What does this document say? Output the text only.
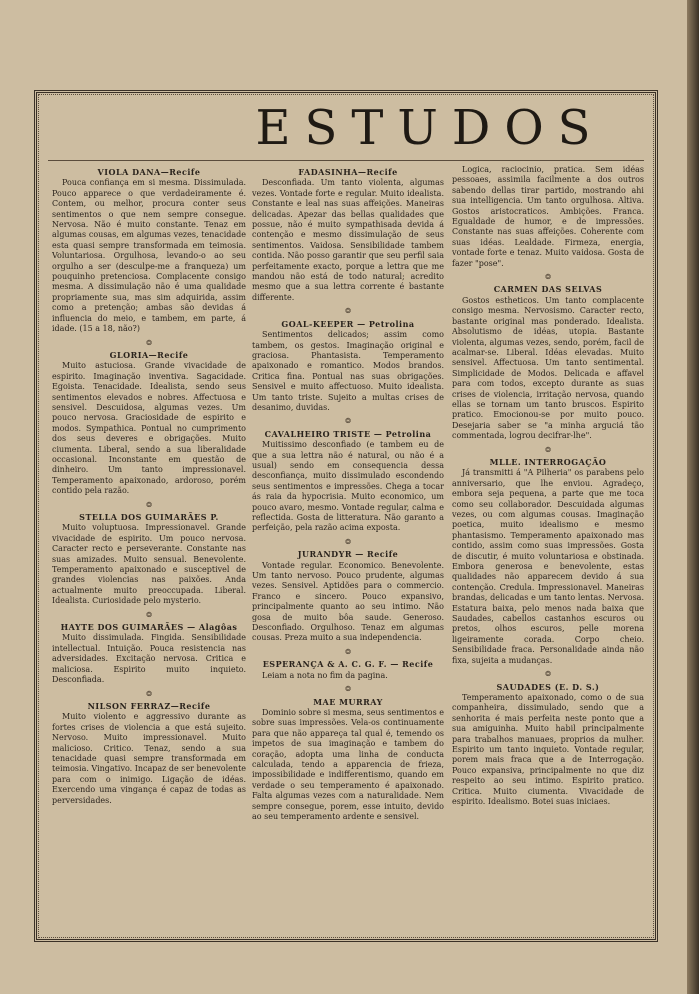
ESTUDOS
VIOLA DANA—Recife
Pouca confiança em si mesma. Dissimulada. Pouco apparece o que verdadeiramente é. Contem, ou melhor, procura conter seus sentimentos o que nem sempre consegue. Nervosa. Não é muito constante. Tenaz em algumas cousas, em algumas vezes, tenacidade esta quasi sempre transformada em teimosia. Voluntariosa. Orgulhosa, levando-o ao seu orgulho a ser (desculpe-me a franqueza) um pouquinho pretenciosa. Complacente consigo mesma. A dissimulação não é uma qualidade propriamente sua, mas sim adquirida, assim como a pretenção; ambas são devidas á influencia do meio, e tambem, em parte, á idade. (15 a 18, não?)
❂
GLORIA—Recife
Muito astuciosa. Grande vivacidade de espirito. Imaginação inventiva. Sagacidade. Egoista. Tenacidade. Idealista, sendo seus sentimentos elevados e nobres. Affectuosa e sensivel. Descuidosa, algumas vezes. Um pouco nervosa. Graciosidade de espirito e modos. Sympathica. Pontual no cumprimento dos seus deveres e obrigações. Muito ciumenta. Liberal, sendo a sua liberalidade occasional. Inconstante em questão de dinheiro. Um tanto impressionavel. Temperamento apaixonado, ardoroso, porém contido pela razão.
❂
STELLA DOS GUIMARÃES P.
Muito voluptuosa. Impressionavel. Grande vivacidade de espirito. Um pouco nervosa. Caracter recto e perseverante. Constante nas suas amizades. Muito sensual. Benevolente. Temperamento apaixonado e susceptivel de grandes violencias nas paixões. Anda actualmente muito preoccupada. Liberal. Idealista. Curiosidade pelo mysterio.
❂
HAYTE DOS GUIMARÃES — Alagôas
Muito dissimulada. Fingida. Sensibilidade intellectual. Intuição. Pouca resistencia nas adversidades. Excitação nervosa. Critica e maliciosa. Espirito muito inquieto. Desconfiada.
❂
NILSON FERRAZ—Recife
Muito violento e aggressivo durante as fortes crises de violencia a que está sujeito. Nervoso. Muito impressionavel. Muito malicioso. Critico. Tenaz, sendo a sua tenacidade quasi sempre transformada em teimosia. Vingativo. Incapaz de ser benevolente para com o inimigo. Ligação de idéas. Exercendo uma vingança é capaz de todas as perversidades.
FADASINHA—Recife
Desconfiada. Um tanto violenta, algumas vezes. Vontade forte e regular. Muito idealista. Constante e leal nas suas affeições. Maneiras delicadas. Apezar das bellas qualidades que possue, não é muito sympathisada devida á contenção e mesmo dissimulação de seus sentimentos. Vaidosa. Sensibilidade tambem contida. Não posso garantir que seu perfil saia perfeitamente exacto, porque a lettra que me mandou não está de todo natural; acredito mesmo que a sua lettra corrente é bastante differente.
❂
GOAL-KEEPER — Petrolina
Sentimentos delicados; assim como tambem, os gestos. Imaginação original e graciosa. Phantasista. Temperamento apaixonado e romantico. Modos brandos. Critica fina. Pontual nas suas obrigações. Sensivel e muito affectuoso. Muito idealista. Um tanto triste. Sujeito a multas crises de desanimo, duvidas.
❂
CAVALHEIRO TRISTE — Petrolina
Muitissimo desconfiado (e tambem eu de que a sua lettra não é natural, ou não é a usual) sendo em consequencia dessa desconfiança, muito dissimulado escondendo seus sentimentos e impressões. Chega a tocar ás raia da hypocrisia. Muito economico, um pouco avaro, mesmo. Vontade regular, calma e reflectida. Gosta de litteratura. Não garanto a perfeição, pela razão acima exposta.
❂
JURANDYR — Recife
Vontade regular. Economico. Benevolente. Um tanto nervoso. Pouco prudente, algumas vezes. Sensivel. Aptidões para o commercio. Franco e sincero. Pouco expansivo, principalmente quanto ao seu intimo. Não gosa de muito bôa saude. Generoso. Desconfiado. Orgulhoso. Tenaz em algumas cousas. Preza muito a sua independencia.
❂
ESPERANÇA & A. C. G. F. — Recife
Leiam a nota no fim da pagina.
❂
MAE MURRAY
Dominio sobre si mesma, seus sentimentos e sobre suas impressões. Vela-os continuamente para que não appareça tal qual é, temendo os impetos de sua imaginação e tambem do coração, adopta uma linha de conducta calculada, tendo a apparencia de frieza, impossibilidade e indifferentismo, quando em verdade o seu temperamento é apaixonado. Falta algumas vezes com a naturalidade. Nem sempre consegue, porem, esse intuito, devido ao seu temperamento ardente e sensivel.
Logica, raciocinio, pratica. Sem idéas pessoaes, assimila facilmente a dos outros sabendo dellas tirar partido, mostrando ahi sua intelligencia. Um tanto orgulhosa. Altiva. Gostos aristocraticos. Ambições. Franca. Egualdade de humor, e de impressões. Constante nas suas affeições. Coherente com suas idéas. Lealdade. Firmeza, energia, vontade forte e tenaz. Muito vaidosa. Gosta de fazer "pose".
❂
CARMEN DAS SELVAS
Gostos estheticos. Um tanto complacente consigo mesma. Nervosismo. Caracter recto, bastante original mas ponderado. Idealista. Absolutismo de idéas, utopia. Bastante violenta, algumas vezes, sendo, porém, facil de acalmar-se. Liberal. Idéas elevadas. Muito sensivel. Affectuosa. Um tanto sentimental. Simplicidade de Modos. Delicada e affavel para com todos, excepto durante as suas crises de violencia, irritação nervosa, quando ellas se tornam um tanto bruscos. Espirito pratico. Emocionou-se por muito pouco. Desejaria saber se "a minha arguciá tão commentada, logrou decifrar-lhe".
❂
MLLE. INTERROGAÇÃO
Já transmitti á "A Pilheria" os parabens pelo anniversario, que lhe enviou. Agradeço, embora seja pequena, a parte que me toca como seu collaborador. Descuidada algumas vezes, ou com algumas cousas. Imaginação poetica, muito idealismo e mesmo phantasismo. Temperamento apaixonado mas contido, assim como suas impressões. Gosta de discutir, é muito voluntariosa e obstinada. Embora generosa e benevolente, estas qualidades não apparecem devido á sua contenção. Credula. Impressionavel. Maneiras brandas, delicadas e um tanto lentas. Nervosa. Estatura baixa, pelo menos nada baixa que Saudades, cabellos castanhos escuros ou pretos, olhos escuros, pelle morena ligeiramente corada. Corpo cheio. Sensibilidade fraca. Personalidade ainda não fixa, sujeita a mudanças.
❂
SAUDADES (E. D. S.)
Temperamento apaixonado, como o de sua companheira, dissimulado, sendo que a senhorita é mais perfeita neste ponto que a sua amiguinha. Muito habil principalmente para trabalhos manuaes, proprios da mulher. Espirito um tanto inquieto. Vontade regular, porem mais fraca que a de Interrogação. Pouco expansiva, principalmente no que diz respeito ao seu intimo. Espirito pratico. Critica. Muito ciumenta. Vivacidade de espirito. Idealismo. Botei suas iniciaes.
